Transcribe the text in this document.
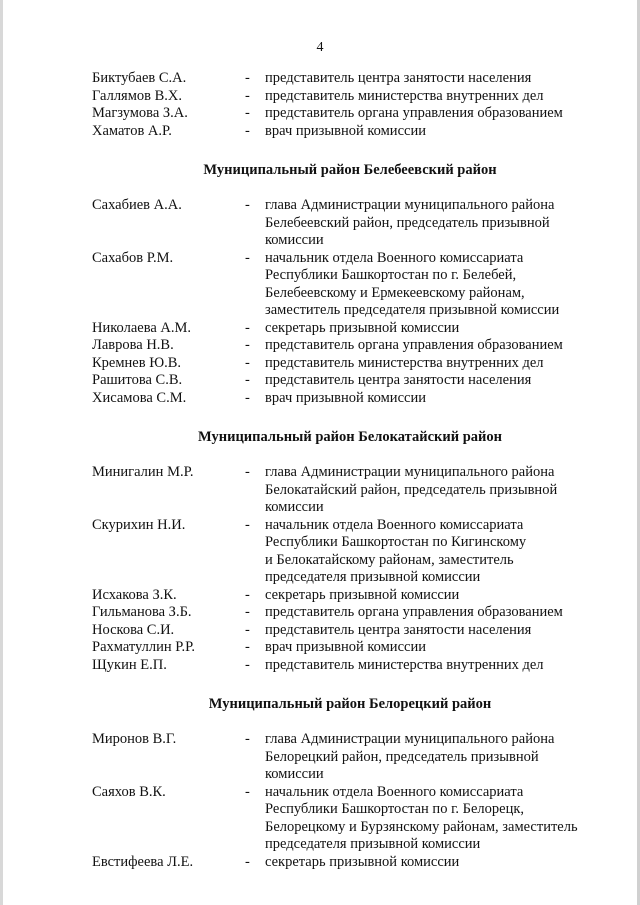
4
Биктубаев С.А.	-	представитель центра занятости населения
Галлямов В.Х.	-	представитель министерства внутренних дел
Магзумова З.А.	-	представитель органа управления образованием
Хаматов А.Р.	-	врач призывной комиссии
Муниципальный район Белебеевский район
Сахабиев А.А.	-	глава Администрации муниципального района
Белебеевский район, председатель призывной
комиссии
Сахабов Р.М.	-	начальник отдела Военного комиссариата
Республики Башкортостан по г. Белебей,
Белебеевскому и Ермекеевскому районам,
заместитель председателя призывной комиссии
Николаева А.М.	-	секретарь призывной комиссии
Лаврова Н.В.	-	представитель органа управления образованием
Кремнев Ю.В.	-	представитель министерства внутренних дел
Рашитова С.В.	-	представитель центра занятости населения
Хисамова С.М.	-	врач призывной комиссии
Муниципальный район Белокатайский район
Минигалин М.Р.	-	глава Администрации муниципального района
Белокатайский район, председатель призывной
комиссии
Скурихин Н.И.	-	начальник отдела Военного комиссариата
Республики Башкортостан по Кигинскому
и Белокатайскому районам, заместитель
председателя призывной комиссии
Исхакова З.К.	-	секретарь призывной комиссии
Гильманова З.Б.	-	представитель органа управления образованием
Носкова С.И.	-	представитель центра занятости населения
Рахматуллин Р.Р.	-	врач призывной комиссии
Щукин Е.П.	-	представитель министерства внутренних дел
Муниципальный район Белорецкий район
Миронов В.Г.	-	глава Администрации муниципального района
Белорецкий район, председатель призывной
комиссии
Саяхов В.К.	-	начальник отдела Военного комиссариата
Республики Башкортостан по г. Белорецк,
Белорецкому и Бурзянскому районам, заместитель
председателя призывной комиссии
Евстифеева Л.Е.	-	секретарь призывной комиссии
